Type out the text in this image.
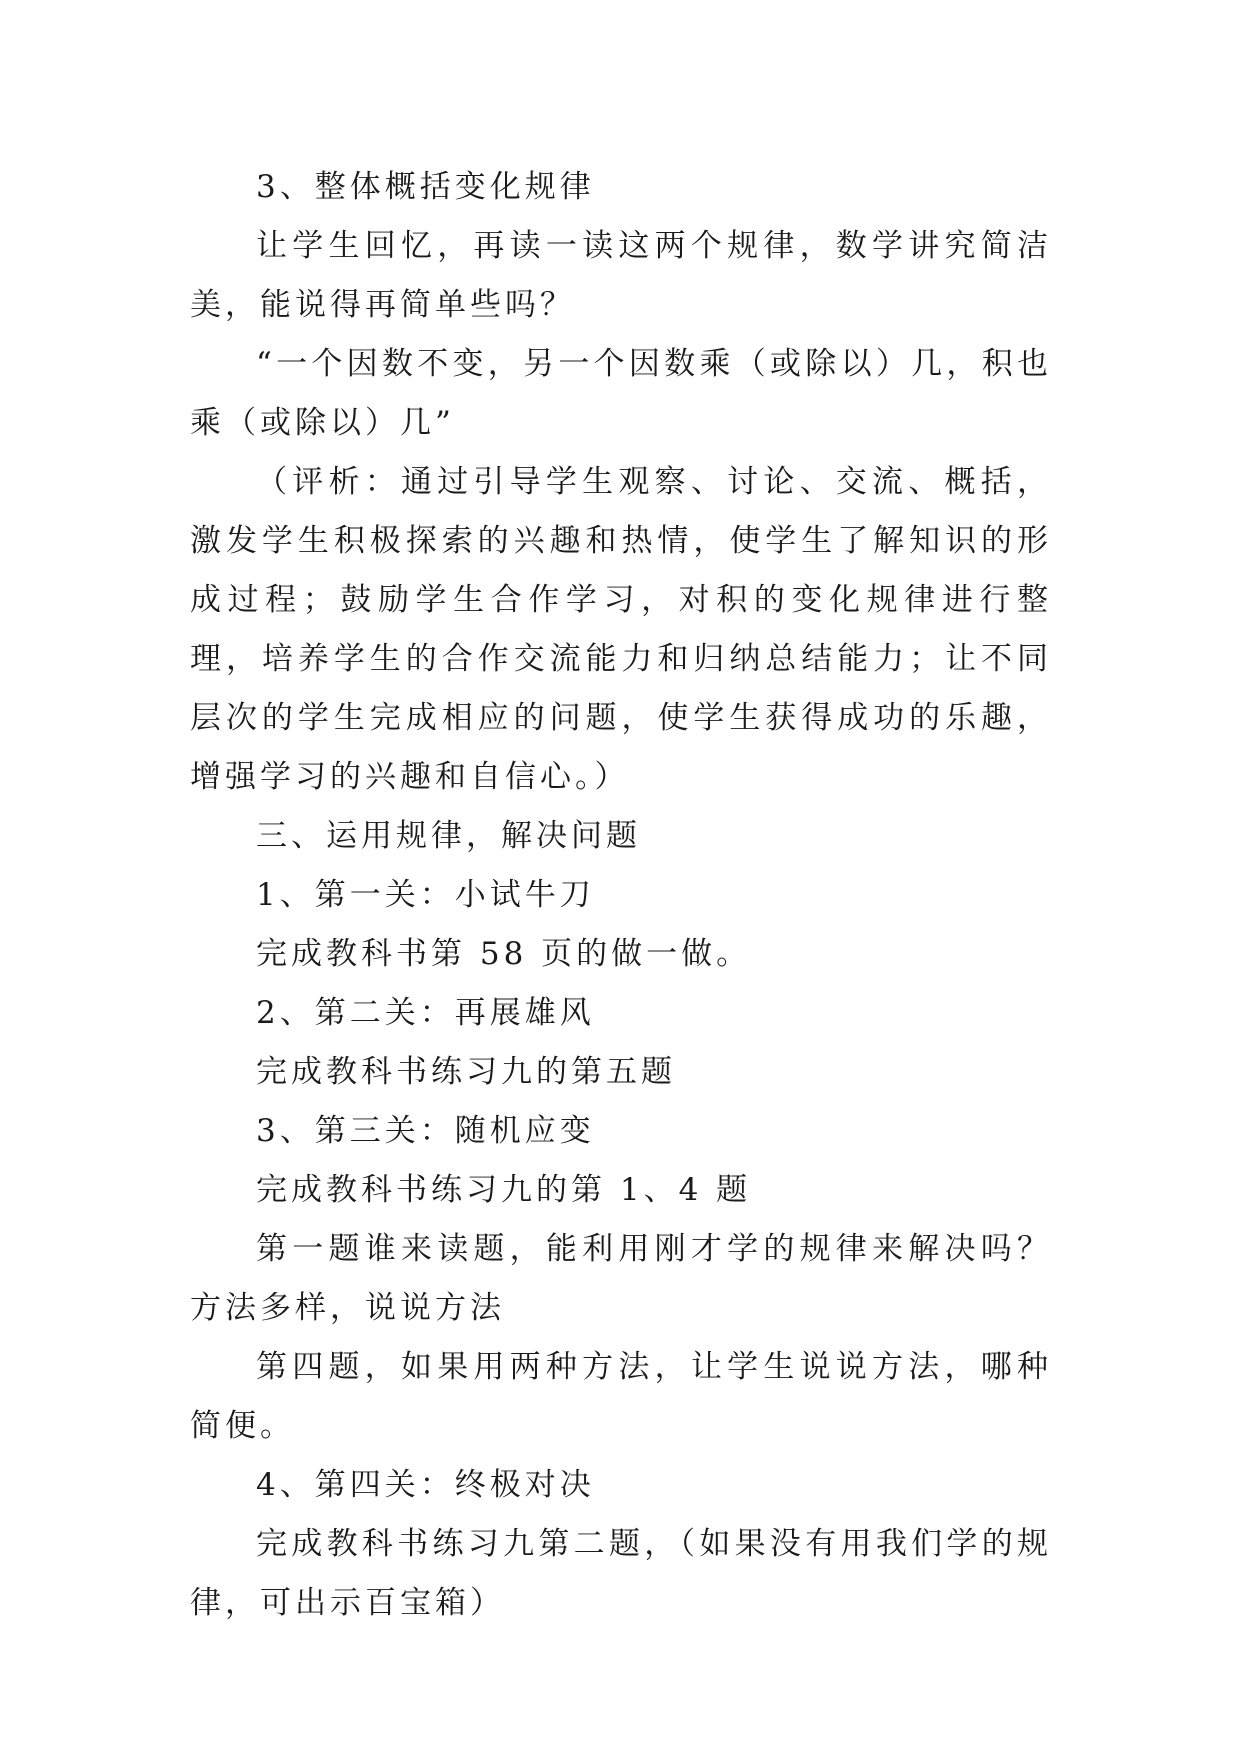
3、整体概括变化规律

让学生回忆，再读一读这两个规律，数学讲究简洁美，能说得再简单些吗？

“一个因数不变，另一个因数乘（或除以）几，积也乘（或除以）几”

（评析：通过引导学生观察、讨论、交流、概括，激发学生积极探索的兴趣和热情，使学生了解知识的形成过程；鼓励学生合作学习，对积的变化规律进行整理，培养学生的合作交流能力和归纳总结能力；让不同层次的学生完成相应的问题，使学生获得成功的乐趣，增强学习的兴趣和自信心。）

三、运用规律，解决问题

1、第一关：小试牛刀

完成教科书第 58 页的做一做。

2、第二关：再展雄风

完成教科书练习九的第五题

3、第三关：随机应变

完成教科书练习九的第 1、4 题

第一题谁来读题，能利用刚才学的规律来解决吗？方法多样，说说方法

第四题，如果用两种方法，让学生说说方法，哪种简便。

4、第四关：终极对决

完成教科书练习九第二题，（如果没有用我们学的规律，可出示百宝箱）
